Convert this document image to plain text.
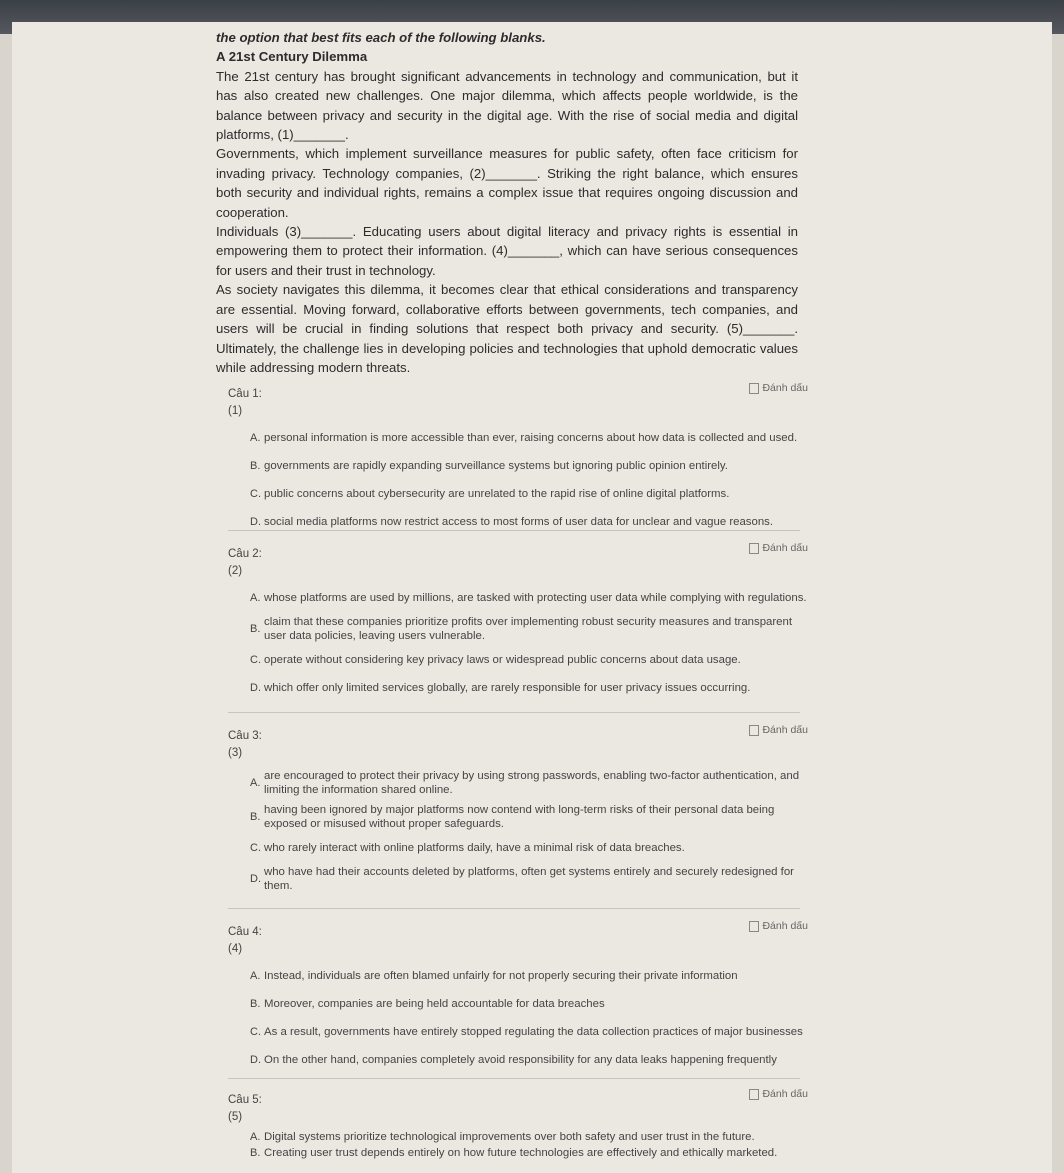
the option that best fits each of the following blanks.

A 21st Century Dilemma

The 21st century has brought significant advancements in technology and communication, but it has also created new challenges. One major dilemma, which affects people worldwide, is the balance between privacy and security in the digital age. With the rise of social media and digital platforms, (1)_______.

Governments, which implement surveillance measures for public safety, often face criticism for invading privacy. Technology companies, (2)_______. Striking the right balance, which ensures both security and individual rights, remains a complex issue that requires ongoing discussion and cooperation.

Individuals (3)_______. Educating users about digital literacy and privacy rights is essential in empowering them to protect their information. (4)_______, which can have serious consequences for users and their trust in technology.

As society navigates this dilemma, it becomes clear that ethical considerations and transparency are essential. Moving forward, collaborative efforts between governments, tech companies, and users will be crucial in finding solutions that respect both privacy and security. (5)_______. Ultimately, the challenge lies in developing policies and technologies that uphold democratic values while addressing modern threats.

Câu 1:
(1)
Đánh dấu
A. personal information is more accessible than ever, raising concerns about how data is collected and used.
B. governments are rapidly expanding surveillance systems but ignoring public opinion entirely.
C. public concerns about cybersecurity are unrelated to the rapid rise of online digital platforms.
D. social media platforms now restrict access to most forms of user data for unclear and vague reasons.
Câu 2:
(2)
Đánh dấu
A. whose platforms are used by millions, are tasked with protecting user data while complying with regulations.
B.
claim that these companies prioritize profits over implementing robust security measures and transparent user data policies, leaving users vulnerable.
C. operate without considering key privacy laws or widespread public concerns about data usage.
D. which offer only limited services globally, are rarely responsible for user privacy issues occurring.
Câu 3:
(3)
Đánh dấu
A.
are encouraged to protect their privacy by using strong passwords, enabling two-factor authentication, and limiting the information shared online.
B.
having been ignored by major platforms now contend with long-term risks of their personal data being exposed or misused without proper safeguards.
C. who rarely interact with online platforms daily, have a minimal risk of data breaches.
D.
who have had their accounts deleted by platforms, often get systems entirely and securely redesigned for them.
Câu 4:
(4)
Đánh dấu
A. Instead, individuals are often blamed unfairly for not properly securing their private information
B. Moreover, companies are being held accountable for data breaches
C. As a result, governments have entirely stopped regulating the data collection practices of major businesses
D. On the other hand, companies completely avoid responsibility for any data leaks happening frequently
Câu 5:
(5)
Đánh dấu
A. Digital systems prioritize technological improvements over both safety and user trust in the future.
B. Creating user trust depends entirely on how future technologies are effectively and ethically marketed.
